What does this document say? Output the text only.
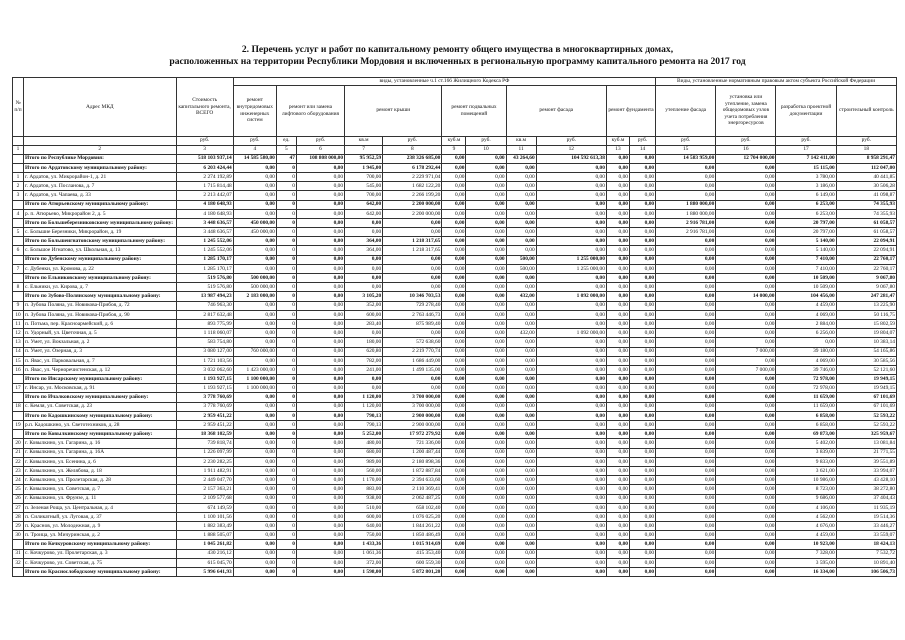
2. Перечень услуг и работ по капитальному ремонту общего имущества в многоквартирных домах,
расположенных на территории Республики Мордовия и включенных в региональную программу капитального ремонта на 2017 год
№ п/п	Адрес МКД	Стоимость капитального ремонта, ВСЕГО	виды, установленные ч.1 ст.166 Жилищного Кодекса РФ											Виды, установленные нормативным правовым актом субъекта Российской Федерации			
			ремонт внутридомовых инженерных систем	ремонт или замена лифтового оборудования		ремонт крыши		ремонт подвальных помещений		ремонт фасада		ремонт фундамента		утепление фасада	установка или утепление, замена общедомовых узлов учета потребления энергоресурсов	разработка проектной документации	строительный контроль

		руб.	руб.	ед.	руб.	кв.м	руб.	куб.м	руб.	кв.м	руб.	куб.м	руб.	руб.	руб.	руб.	руб.
1	2	3	4	5	6	7	8	9	10	11	12	13	14	15	16	17	18
	Итого по Республике Мордовия:	518 103 937,14	14 585 580,00	47	108 808 000,00	95 952,59	238 326 685,00	0,00	0,00	43 264,60	104 592 613,38	0,00	0,00	14 583 959,00	12 704 000,00	7 142 411,00	8 958 291,47
	Итого по Ардатовскому муниципальному району:	6 203 424,44	0,00	0	0,00	1 945,00	6 178 292,44	0,00	0,00	0,00	0,00	0,00	0,00	0,00	0,00	15 115,00	112 047,00
1	г. Ардатов, ул. Микрорайон-1, д. 21	2 274 192,89	0,00	0	0,00	700,00	2 229 971,04	0,00	0,00	0,00	0,00	0,00	0,00	0,00	0,00	3 780,00	40 441,85
2	г. Ардатов, ул. Посланова, д. 7	1 715 814,48	0,00	0	0,00	545,00	1 682 122,20	0,00	0,00	0,00	0,00	0,00	0,00	0,00	0,00	3 186,00	30 506,28
3	г. Ардатов, ул. Чапаева, д. 33	2 213 442,07	0,00	0	0,00	700,00	2 266 199,20	0,00	0,00	0,00	0,00	0,00	0,00	0,00	0,00	6 149,00	41 098,87
	Итого по Атюрьевскому муниципальному району:	4 180 648,93	0,00	0	0,00	642,00	2 200 000,00	0,00	0,00	0,00	0,00	0,00	0,00	1 880 000,00	0,00	6 253,00	74 355,93
4	р. п. Атюрьево, Микрорайон 2, д. 5	4 180 648,93	0,00	0	0,00	642,00	2 200 000,00	0,00	0,00	0,00	0,00	0,00	0,00	1 880 000,00	0,00	6 253,00	74 355,93
	Итого по Большеберезниковскому муниципальному району:	3 448 636,57	450 000,00	0	0,00	0,00	0,00	0,00	0,00	0,00	0,00	0,00	0,00	2 916 781,00	0,00	20 797,00	61 058,57
5	с. Большие Березники, Микрорайон, д. 19	3 448 636,57	450 000,00	0	0,00	0,00	0,00	0,00	0,00	0,00	0,00	0,00	0,00	2 916 781,00	0,00	20 797,00	61 058,57
	Итого по Большеигнатовскому муниципальному району:	1 245 552,06	0,00	0	0,00	364,00	1 218 317,65	0,00	0,00	0,00	0,00	0,00	0,00	0,00	0,00	5 140,00	22 094,91
6	с. Большое Игнатово, ул. Школьная, д. 13	1 245 552,06	0,00	0	0,00	364,00	1 218 317,65	0,00	0,00	0,00	0,00	0,00	0,00	0,00	0,00	5 140,00	22 094,91
	Итого по Дубенскому муниципальному району:	1 285 170,17	0,00	0	0,00	0,00	0,00	0,00	0,00	500,00	1 255 000,00	0,00	0,00	0,00	0,00	7 410,00	22 760,17
7	с. Дубенки, ул. Кромова, д. 22	1 285 170,17	0,00	0	0,00	0,00	0,00	0,00	0,00	500,00	1 255 000,00	0,00	0,00	0,00	0,00	7 410,00	22 760,17
	Итого по Ельниковскому муниципальному району:	519 576,80	500 000,00	0	0,00	0,00	0,00	0,00	0,00	0,00	0,00	0,00	0,00	0,00	0,00	10 509,00	9 067,80
8	с. Ельники, ул. Кирова, д. 7	519 576,80	500 000,00	0	0,00	0,00	0,00	0,00	0,00	0,00	0,00	0,00	0,00	0,00	0,00	10 509,00	9 067,80
	Итого по Зубово-Полянскому муниципальному району:	13 987 494,23	2 183 000,00	0	0,00	3 105,20	10 346 703,53	0,00	0,00	432,00	1 092 000,00	0,00	0,00	0,00	14 000,00	104 456,00	247 281,47
9	п. Зубова Поляна, ул. Новикова-Прибоя, д. 72	746 963,30	0,00	0	0,00	352,00	729 278,40	0,00	0,00	0,00	0,00	0,00	0,00	0,00	0,00	4 459,00	13 225,90
10	п. Зубова Поляна, ул. Новикова-Прибоя, д. 90	2 817 632,48	0,00	0	0,00	600,00	2 763 446,73	0,00	0,00	0,00	0,00	0,00	0,00	0,00	0,00	4 069,00	50 116,75
11	п. Потьма, пер. Красноармейский, д. 6	893 775,99	0,00	0	0,00	283,40	875 989,40	0,00	0,00	0,00	0,00	0,00	0,00	0,00	0,00	2 884,00	15 802,59
12	п. Удорный, ул. Цветочная, д. 5	1 118 060,07	0,00	0	0,00	0,00	0,00	0,00	0,00	432,00	1 092 000,00	0,00	0,00	0,00	0,00	6 256,00	19 804,07
13	п. Умет, ул. Вокзальная, д. 2	583 754,80	0,00	0	0,00	180,00	572 638,60	0,00	0,00	0,00	0,00	0,00	0,00	0,00	0,00	0,00	10 383,14
14	п. Умет, ул. Озерная, д. 3	3 080 127,00	760 000,00	0	0,00	620,80	2 219 770,74	0,00	0,00	0,00	0,00	0,00	0,00	0,00	7 000,00	39 180,00	54 165,86
15	п. Явас, ул. Парковальная, д. 7	1 721 103,56	0,00	0	0,00	782,00	1 686 449,00	0,00	0,00	0,00	0,00	0,00	0,00	0,00	0,00	4 069,00	30 585,56
16	п. Явас, ул. Черноречистенская, д. 12	3 032 062,60	1 423 000,00	0	0,00	241,00	1 499 135,00	0,00	0,00	0,00	0,00	0,00	0,00	0,00	7 000,00	39 746,00	52 121,60
	Итого по Инсарскому муниципальному району:	1 193 927,15	1 100 000,00	0	0,00	0,00	0,00	0,00	0,00	0,00	0,00	0,00	0,00	0,00	0,00	72 978,00	19 949,15
17	г. Инсар, ул. Московская, д. 91	1 193 927,15	1 100 000,00	0	0,00	0,00	0,00	0,00	0,00	0,00	0,00	0,00	0,00	0,00	0,00	72 978,00	19 949,15
	Итого по Ичалковскому муниципальному району:	3 778 760,69	0,00	0	0,00	1 120,00	3 700 000,00	0,00	0,00	0,00	0,00	0,00	0,00	0,00	0,00	11 659,00	67 101,69
18	с. Кемля, ул. Советская, д. 23	3 778 760,69	0,00	0	0,00	1 120,00	3 700 000,00	0,00	0,00	0,00	0,00	0,00	0,00	0,00	0,00	11 659,00	67 101,69
	Итого по Кадошкинскому муниципальному району:	2 959 451,22	0,00	0	0,00	790,13	2 900 000,00	0,00	0,00	0,00	0,00	0,00	0,00	0,00	0,00	6 858,00	52 593,22
19	р.п. Кадошкино, ул. Светотехников, д. 28	2 959 451,22	0,00	0	0,00	790,13	2 900 000,00	0,00	0,00	0,00	0,00	0,00	0,00	0,00	0,00	6 858,00	52 593,22
	Итого по Ковылкинскому муниципальному району:	18 368 102,59	0,00	0	0,00	5 252,00	17 972 279,92	0,00	0,00	0,00	0,00	0,00	0,00	0,00	0,00	69 873,00	325 959,67
20	г. Ковылкино, ул. Гагарина, д. 16	739 818,74	0,00	0	0,00	480,00	721 336,00	0,00	0,00	0,00	0,00	0,00	0,00	0,00	0,00	5 402,00	13 081,84
21	г. Ковылкино, ул. Гагарина, д. 16А	1 226 097,99	0,00	0	0,00	680,00	1 200 487,44	0,00	0,00	0,00	0,00	0,00	0,00	0,00	0,00	3 839,00	21 771,55
22	г. Ковылкино, ул. Есенина, д. 6	2 230 282,25	0,00	0	0,00	989,00	2 180 898,36	0,00	0,00	0,00	0,00	0,00	0,00	0,00	0,00	9 833,00	39 551,89
23	г. Ковылкино, ул. Желябова, д. 18	1 911 482,91	0,00	0	0,00	560,00	1 872 887,84	0,00	0,00	0,00	0,00	0,00	0,00	0,00	0,00	3 621,00	33 994,07
24	г. Ковылкино, ул. Пролетарская, д. 28	2 449 047,70	0,00	0	0,00	1 170,00	2 394 633,60	0,00	0,00	0,00	0,00	0,00	0,00	0,00	0,00	10 986,00	43 428,10
25	г. Ковылкино, ул. Советская, д. 7	2 157 363,21	0,00	0	0,00	883,00	2 110 369,41	0,00	0,00	0,00	0,00	0,00	0,00	0,00	0,00	8 723,00	38 272,80
26	г. Ковылкино, ул. Фрунзе, д. 11	2 109 577,68	0,00	0	0,00	938,00	2 062 487,25	0,00	0,00	0,00	0,00	0,00	0,00	0,00	0,00	9 686,00	37 404,43
27	п. Зеленая Роща, ул. Центральная, д. 4	674 149,59	0,00	0	0,00	510,00	658 102,40	0,00	0,00	0,00	0,00	0,00	0,00	0,00	0,00	4 106,00	11 935,19
28	п. Силикатный, ул. Луговая, д. 37	1 100 101,56	0,00	0	0,00	600,00	1 076 025,20	0,00	0,00	0,00	0,00	0,00	0,00	0,00	0,00	4 562,00	19 514,36
29	п. Краснов, ул. Молодежная, д. 9	1 882 383,49	0,00	0	0,00	640,00	1 844 261,22	0,00	0,00	0,00	0,00	0,00	0,00	0,00	0,00	4 676,00	33 446,27
30	п. Троица, ул. Мичуринская, д. 2	1 888 505,07	0,00	0	0,00	750,00	1 850 486,49	0,00	0,00	0,00	0,00	0,00	0,00	0,00	0,00	4 459,00	33 559,07
	Итого по Кочкуровскому муниципальному району:	1 045 261,82	0,00	0	0,00	1 433,36	1 015 914,69	0,00	0,00	0,00	0,00	0,00	0,00	0,00	0,00	10 923,00	18 424,13
31	с. Кочкурово, ул. Пролетарская, д. 3	430 216,12	0,00	0	0,00	1 061,36	415 353,40	0,00	0,00	0,00	0,00	0,00	0,00	0,00	0,00	7 328,00	7 532,72
32	с. Кочкурово, ул. Советская, д. 75	615 045,70	0,00	0	0,00	372,00	600 559,30	0,00	0,00	0,00	0,00	0,00	0,00	0,00	0,00	3 595,00	10 891,40
	Итого по Краснослободскому муниципальному району:	5 996 641,93	0,00	0	0,00	1 598,00	5 872 801,20	0,00	0,00	0,00	0,00	0,00	0,00	0,00	0,00	16 334,00	106 506,73
